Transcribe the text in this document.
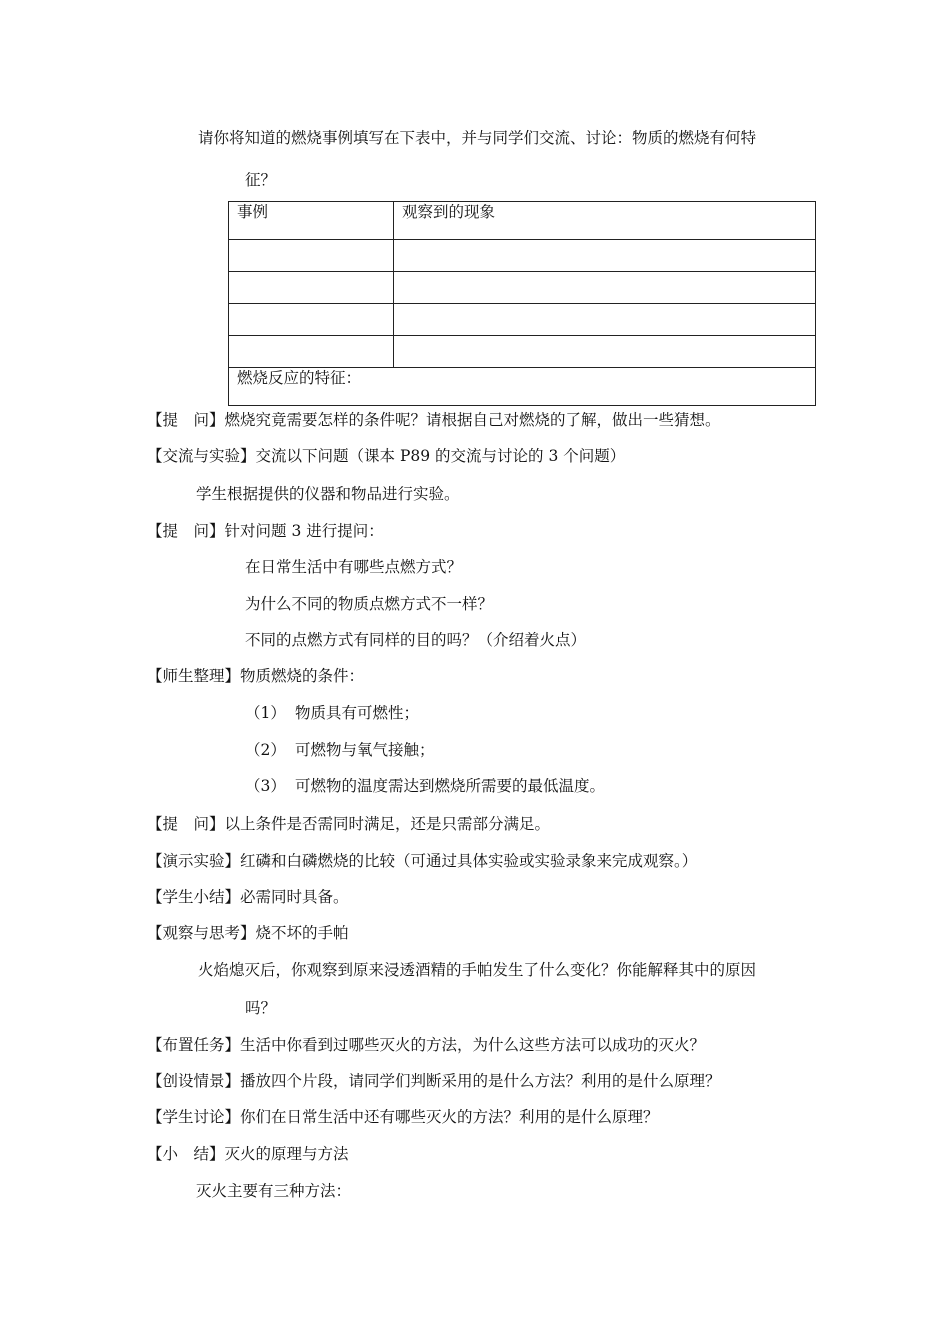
请你将知道的燃烧事例填写在下表中，并与同学们交流、讨论：物质的燃烧有何特
征？
事例	观察到的现象

燃烧反应的特征：	
【提　问】燃烧究竟需要怎样的条件呢？请根据自己对燃烧的了解，做出一些猜想。
【交流与实验】交流以下问题（课本 P89 的交流与讨论的 3 个问题）
学生根据提供的仪器和物品进行实验。
【提　问】针对问题 3 进行提问：
在日常生活中有哪些点燃方式？
为什么不同的物质点燃方式不一样？
不同的点燃方式有同样的目的吗？（介绍着火点）
【师生整理】物质燃烧的条件：
（1） 物质具有可燃性；
（2） 可燃物与氧气接触；
（3） 可燃物的温度需达到燃烧所需要的最低温度。
【提　问】以上条件是否需同时满足，还是只需部分满足。
【演示实验】红磷和白磷燃烧的比较（可通过具体实验或实验录象来完成观察。）
【学生小结】必需同时具备。
【观察与思考】烧不坏的手帕
火焰熄灭后，你观察到原来浸透酒精的手帕发生了什么变化？你能解释其中的原因
吗？
【布置任务】生活中你看到过哪些灭火的方法，为什么这些方法可以成功的灭火？
【创设情景】播放四个片段，请同学们判断采用的是什么方法？利用的是什么原理？
【学生讨论】你们在日常生活中还有哪些灭火的方法？利用的是什么原理？
【小　结】灭火的原理与方法
灭火主要有三种方法：
